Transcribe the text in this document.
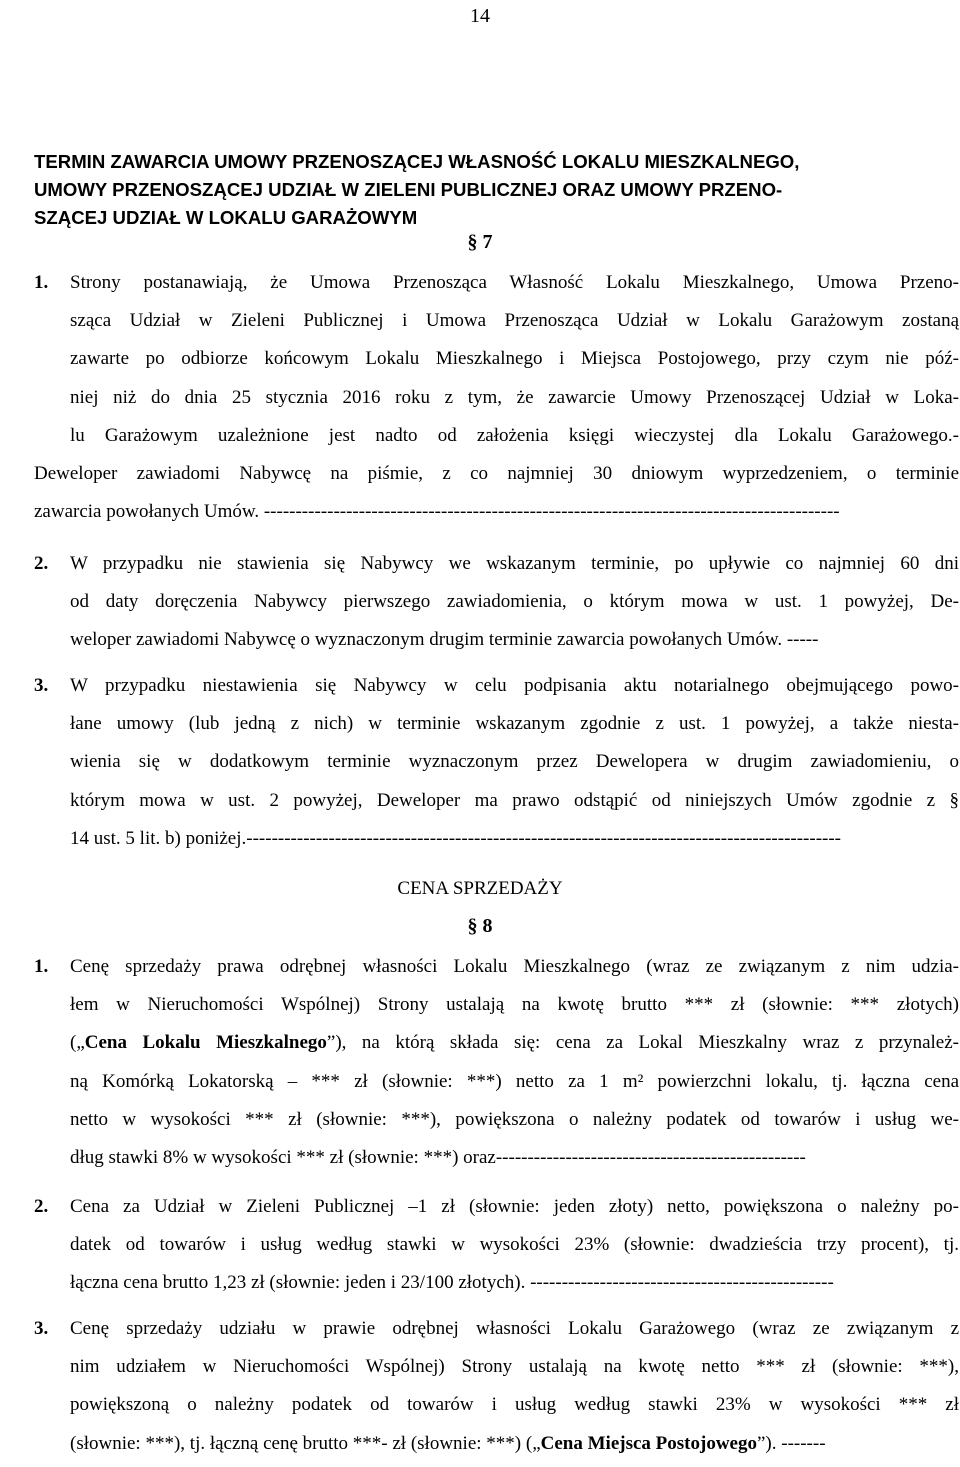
14
TERMIN ZAWARCIA UMOWY PRZENOSZĄCEJ WŁASNOŚĆ LOKALU MIESZKALNEGO,
UMOWY PRZENOSZĄCEJ UDZIAŁ W ZIELENI PUBLICZNEJ ORAZ UMOWY PRZENO-
SZĄCEJ UDZIAŁ W LOKALU GARAŻOWYM
§ 7
1. Strony postanawiają, że Umowa Przenosząca Własność Lokalu Mieszkalnego, Umowa Przeno-
sząca Udział w Zieleni Publicznej i Umowa Przenosząca Udział w Lokalu Garażowym zostaną
zawarte po odbiorze końcowym Lokalu Mieszkalnego i Miejsca Postojowego, przy czym nie póź-
niej niż do dnia 25 stycznia 2016 roku z tym, że zawarcie Umowy Przenoszącej Udział w Loka-
lu Garażowym uzależnione jest nadto od założenia księgi wieczystej dla Lokalu Garażowego.-
Deweloper zawiadomi Nabywcę na piśmie, z co najmniej 30 dniowym wyprzedzeniem, o terminie
zawarcia powołanych Umów. -------------------------------------------------------------------------------------------
2. W przypadku nie stawienia się Nabywcy we wskazanym terminie, po upływie co najmniej 60 dni
od daty doręczenia Nabywcy pierwszego zawiadomienia, o którym mowa w ust. 1 powyżej, De-
weloper zawiadomi Nabywcę o wyznaczonym drugim terminie zawarcia powołanych Umów. -----
3. W przypadku niestawienia się Nabywcy w celu podpisania aktu notarialnego obejmującego powo-
łane umowy (lub jedną z nich) w terminie wskazanym zgodnie z ust. 1 powyżej, a także niesta-
wienia się w dodatkowym terminie wyznaczonym przez Dewelopera w drugim zawiadomieniu, o
którym mowa w ust. 2 powyżej, Deweloper ma prawo odstąpić od niniejszych Umów zgodnie z §
14 ust. 5 lit. b) poniżej.----------------------------------------------------------------------------------------------
CENA SPRZEDAŻY
§ 8
1. Cenę sprzedaży prawa odrębnej własności Lokalu Mieszkalnego (wraz ze związanym z nim udzia-
łem w Nieruchomości Wspólnej) Strony ustalają na kwotę brutto *** zł (słownie: *** złotych)
(„Cena Lokalu Mieszkalnego”), na którą składa się: cena za Lokal Mieszkalny wraz z przynależ-
ną Komórką Lokatorską – *** zł (słownie: ***) netto za 1 m² powierzchni lokalu, tj. łączna cena
netto w wysokości *** zł (słownie: ***), powiększona o należny podatek od towarów i usług we-
dług stawki 8% w wysokości *** zł (słownie: ***) oraz-------------------------------------------------
2. Cena za Udział w Zieleni Publicznej –1 zł (słownie: jeden złoty) netto, powiększona o należny po-
datek od towarów i usług według stawki w wysokości 23% (słownie: dwadzieścia trzy procent), tj.
łączna cena brutto 1,23 zł (słownie: jeden i 23/100 złotych). ------------------------------------------------
3. Cenę sprzedaży udziału w prawie odrębnej własności Lokalu Garażowego (wraz ze związanym z
nim udziałem w Nieruchomości Wspólnej) Strony ustalają na kwotę netto *** zł (słownie: ***),
powiększoną o należny podatek od towarów i usług według stawki 23% w wysokości *** zł
(słownie: ***), tj. łączną cenę brutto ***- zł (słownie: ***) („Cena Miejsca Postojowego”). -------
